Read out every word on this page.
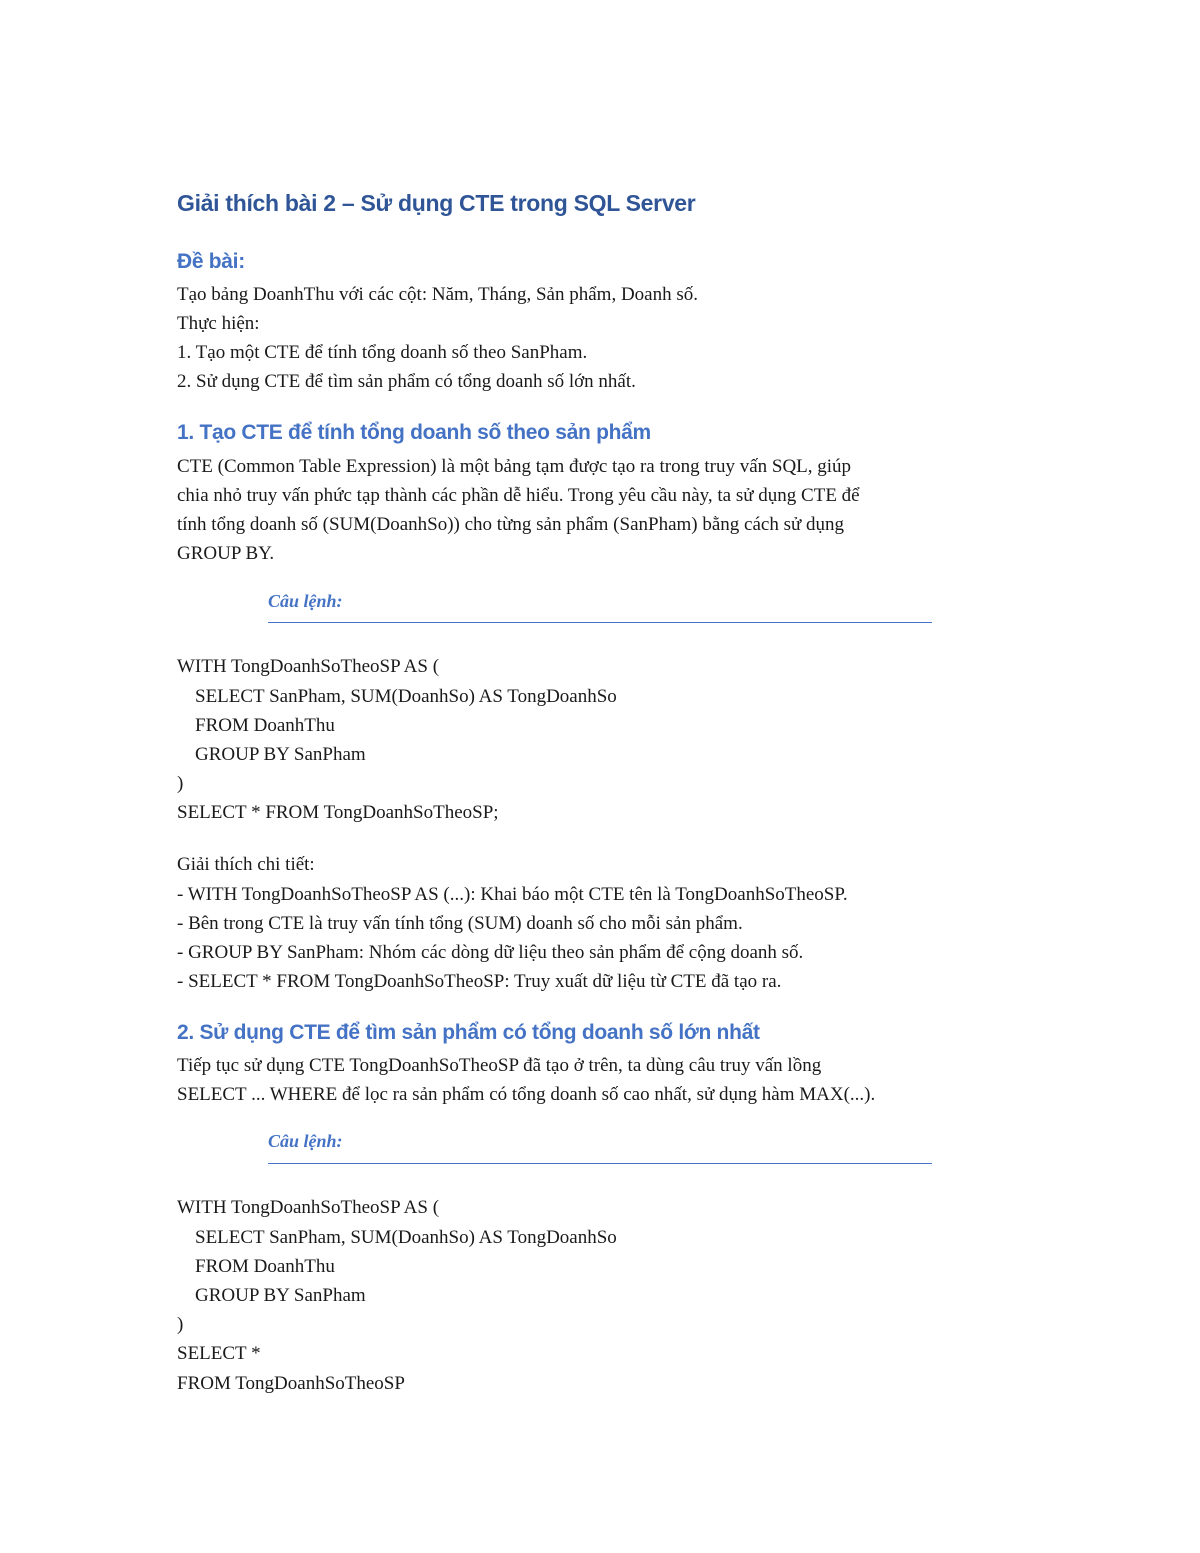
Giải thích bài 2 – Sử dụng CTE trong SQL Server
Đề bài:
Tạo bảng DoanhThu với các cột: Năm, Tháng, Sản phẩm, Doanh số.
Thực hiện:
1. Tạo một CTE để tính tổng doanh số theo SanPham.
2. Sử dụng CTE để tìm sản phẩm có tổng doanh số lớn nhất.
1. Tạo CTE để tính tổng doanh số theo sản phẩm
CTE (Common Table Expression) là một bảng tạm được tạo ra trong truy vấn SQL, giúp
chia nhỏ truy vấn phức tạp thành các phần dễ hiểu. Trong yêu cầu này, ta sử dụng CTE để
tính tổng doanh số (SUM(DoanhSo)) cho từng sản phẩm (SanPham) bằng cách sử dụng
GROUP BY.
Câu lệnh:
WITH TongDoanhSoTheoSP AS (
SELECT SanPham, SUM(DoanhSo) AS TongDoanhSo
FROM DoanhThu
GROUP BY SanPham
)
SELECT * FROM TongDoanhSoTheoSP;
Giải thích chi tiết:
- WITH TongDoanhSoTheoSP AS (...): Khai báo một CTE tên là TongDoanhSoTheoSP.
- Bên trong CTE là truy vấn tính tổng (SUM) doanh số cho mỗi sản phẩm.
- GROUP BY SanPham: Nhóm các dòng dữ liệu theo sản phẩm để cộng doanh số.
- SELECT * FROM TongDoanhSoTheoSP: Truy xuất dữ liệu từ CTE đã tạo ra.
2. Sử dụng CTE để tìm sản phẩm có tổng doanh số lớn nhất
Tiếp tục sử dụng CTE TongDoanhSoTheoSP đã tạo ở trên, ta dùng câu truy vấn lồng
SELECT ... WHERE để lọc ra sản phẩm có tổng doanh số cao nhất, sử dụng hàm MAX(...).
Câu lệnh:
WITH TongDoanhSoTheoSP AS (
SELECT SanPham, SUM(DoanhSo) AS TongDoanhSo
FROM DoanhThu
GROUP BY SanPham
)
SELECT *
FROM TongDoanhSoTheoSP
